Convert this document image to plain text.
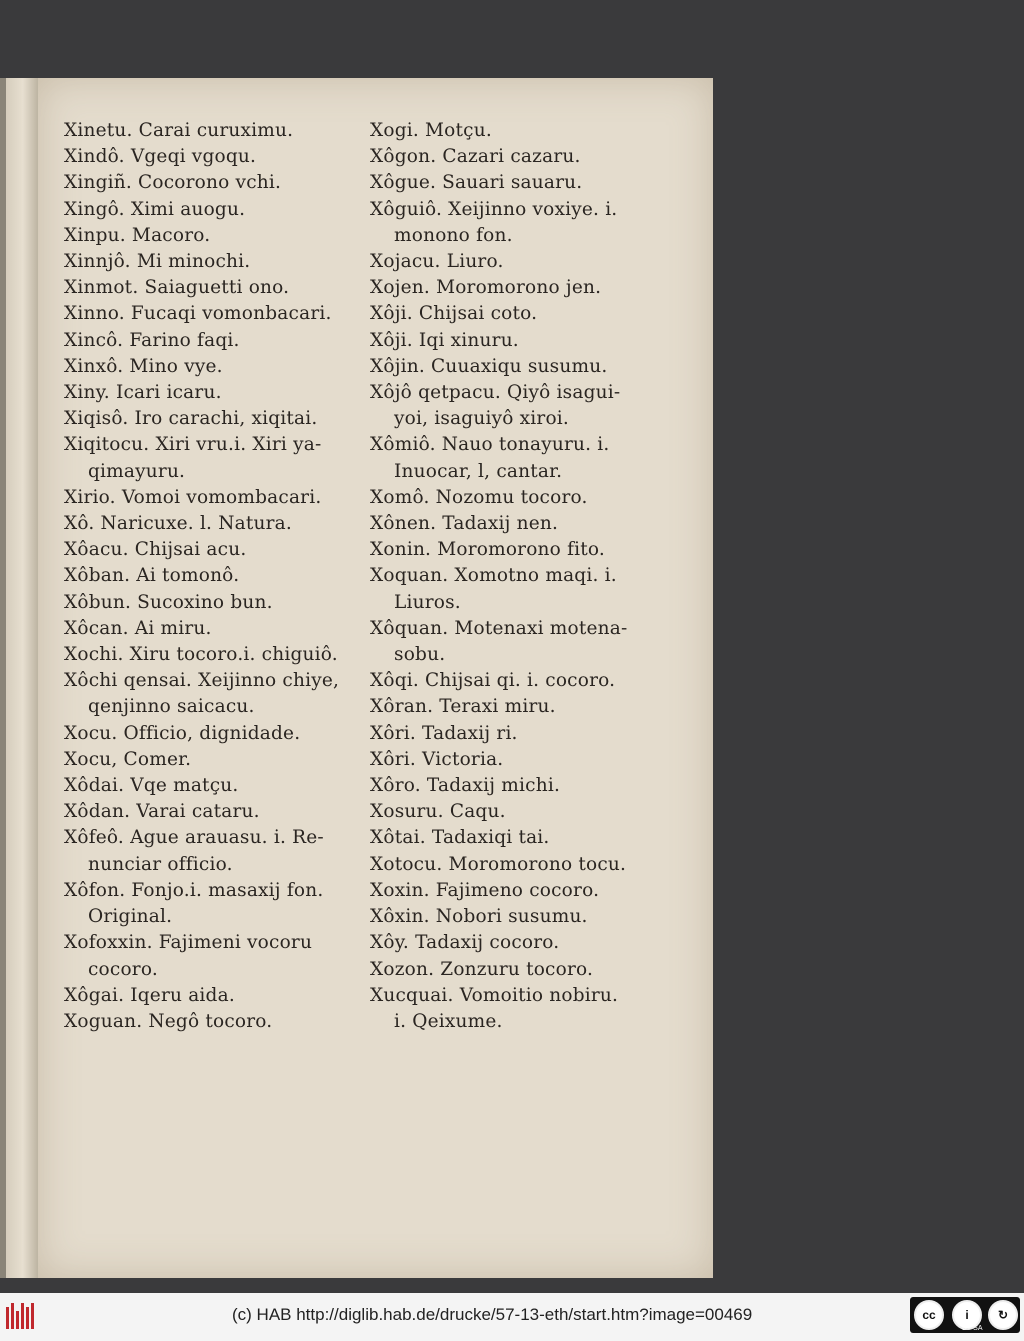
Xinetu. Carai curuximu.
Xindô. Vgeqi vgoqu.
Xingiñ. Cocorono vchi.
Xingô. Ximi auogu.
Xinpu. Macoro.
Xinnjô. Mi minochi.
Xinmot. Saiaguetti ono.
Xinno. Fucaqi vomonbacari.
Xincô. Farino faqi.
Xinxô. Mino vye.
Xiny. Icari icaru.
Xiqisô. Iro carachi, xiqitai.
Xiqitocu. Xiri vru.i. Xiri ya-
qimayuru.
Xirio. Vomoi vomombacari.
Xô. Naricuxe. l. Natura.
Xôacu. Chijsai acu.
Xôban. Ai tomonô.
Xôbun. Sucoxino bun.
Xôcan. Ai miru.
Xochi. Xiru tocoro.i. chiguiô.
Xôchi qensai. Xeijinno chiye,
qenjinno saicacu.
Xocu. Officio, dignidade.
Xocu, Comer.
Xôdai. Vqe matçu.
Xôdan. Varai cataru.
Xôfeô. Ague arauasu. i. Re-
nunciar officio.
Xôfon. Fonjo.i. masaxij fon.
Original.
Xofoxxin. Fajimeni vocoru
cocoro.
Xôgai. Iqeru aida.
Xoguan. Negô tocoro.
Xogi. Motçu.
Xôgon. Cazari cazaru.
Xôgue. Sauari sauaru.
Xôguiô. Xeijinno voxiye. i.
monono fon.
Xojacu. Liuro.
Xojen. Moromorono jen.
Xôji. Chijsai coto.
Xôji. Iqi xinuru.
Xôjin. Cuuaxiqu susumu.
Xôjô qetpacu. Qiyô isagui-
yoi, isaguiyô xiroi.
Xômiô. Nauo tonayuru. i.
Inuocar, l, cantar.
Xomô. Nozomu tocoro.
Xônen. Tadaxij nen.
Xonin. Moromorono fito.
Xoquan. Xomotno maqi. i.
Liuros.
Xôquan. Motenaxi motena-
sobu.
Xôqi. Chijsai qi. i. cocoro.
Xôran. Teraxi miru.
Xôri. Tadaxij ri.
Xôri. Victoria.
Xôro. Tadaxij michi.
Xosuru. Caqu.
Xôtai. Tadaxiqi tai.
Xotocu. Moromorono tocu.
Xoxin. Fajimeno cocoro.
Xôxin. Nobori susumu.
Xôy. Tadaxij cocoro.
Xozon. Zonzuru tocoro.
Xucquai. Vomoitio nobiru.
i. Qeixume.
(c) HAB http://diglib.hab.de/drucke/57-13-eth/start.htm?image=00469	cc	i	↻
BY SA
